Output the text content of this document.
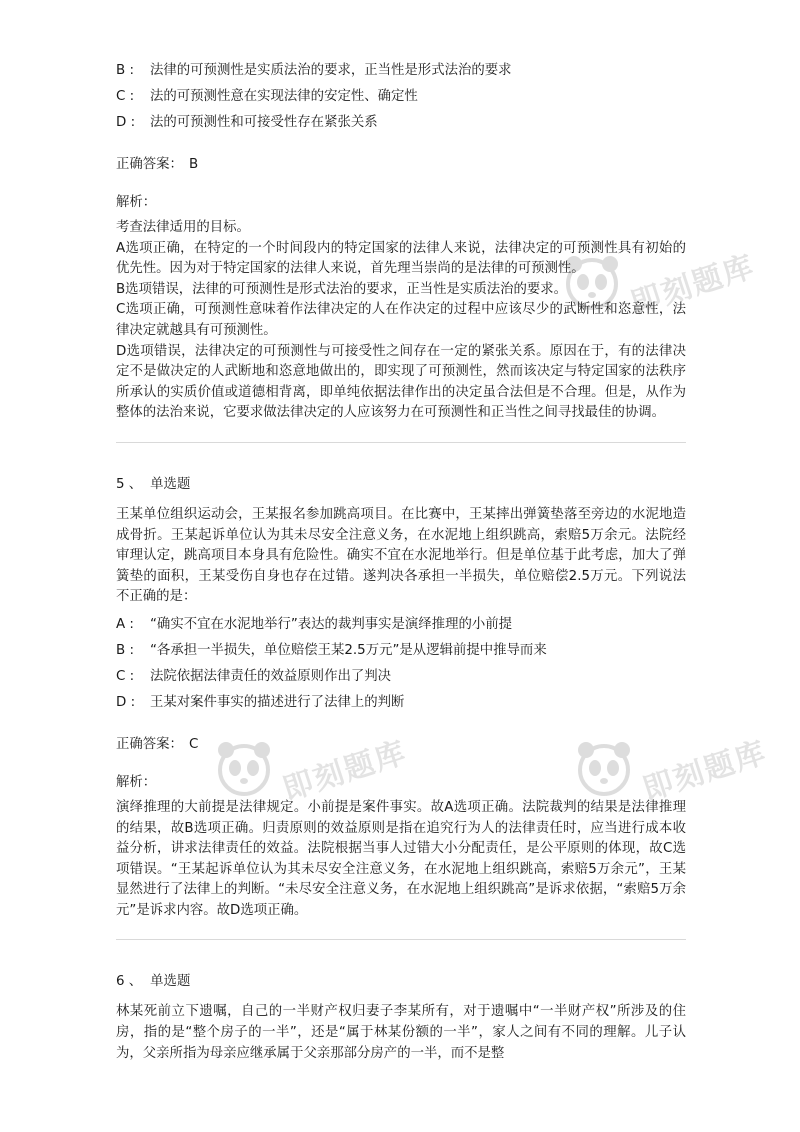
即刻题库
即刻题库	即刻题库

B : 法律的可预测性是实质法治的要求，正当性是形式法治的要求

C : 法的可预测性意在实现法律的安定性、确定性

D : 法的可预测性和可接受性存在紧张关系

正确答案： B
解析：

考查法律适用的目标。

A选项正确，在特定的一个时间段内的特定国家的法律人来说，法律决定的可预测性具有初始的优先性。因为对于特定国家的法律人来说，首先理当崇尚的是法律的可预测性。

B选项错误，法律的可预测性是形式法治的要求，正当性是实质法治的要求。

C选项正确，可预测性意味着作法律决定的人在作决定的过程中应该尽少的武断性和恣意性，法律决定就越具有可预测性。

D选项错误，法律决定的可预测性与可接受性之间存在一定的紧张关系。原因在于，有的法律决定不是做决定的人武断地和恣意地做出的，即实现了可预测性，然而该决定与特定国家的法秩序所承认的实质价值或道德相背离，即单纯依据法律作出的决定虽合法但是不合理。但是，从作为整体的法治来说，它要求做法律决定的人应该努力在可预测性和正当性之间寻找最佳的协调。

5 、 单选题

王某单位组织运动会，王某报名参加跳高项目。在比赛中，王某摔出弹簧垫落至旁边的水泥地造成骨折。王某起诉单位认为其未尽安全注意义务，在水泥地上组织跳高，索赔5万余元。法院经审理认定，跳高项目本身具有危险性。确实不宜在水泥地举行。但是单位基于此考虑，加大了弹簧垫的面积，王某受伤自身也存在过错。遂判决各承担一半损失，单位赔偿2.5万元。下列说法不正确的是：

A : “确实不宜在水泥地举行”表达的裁判事实是演绎推理的小前提

B : “各承担一半损失，单位赔偿王某2.5万元”是从逻辑前提中推导而来

C : 法院依据法律责任的效益原则作出了判决

D : 王某对案件事实的描述进行了法律上的判断

正确答案： C
解析：

演绎推理的大前提是法律规定。小前提是案件事实。故A选项正确。法院裁判的结果是法律推理的结果，故B选项正确。归责原则的效益原则是指在追究行为人的法律责任时，应当进行成本收益分析，讲求法律责任的效益。法院根据当事人过错大小分配责任，是公平原则的体现，故C选项错误。“王某起诉单位认为其未尽安全注意义务，在水泥地上组织跳高，索赔5万余元”，王某显然进行了法律上的判断。“未尽安全注意义务，在水泥地上组织跳高”是诉求依据，“索赔5万余元”是诉求内容。故D选项正确。

6 、 单选题

林某死前立下遗嘱，自己的一半财产权归妻子李某所有，对于遗嘱中“一半财产权”所涉及的住房，指的是“整个房子的一半”，还是“属于林某份额的一半”，家人之间有不同的理解。儿子认为，父亲所指为母亲应继承属于父亲那部分房产的一半，而不是整
